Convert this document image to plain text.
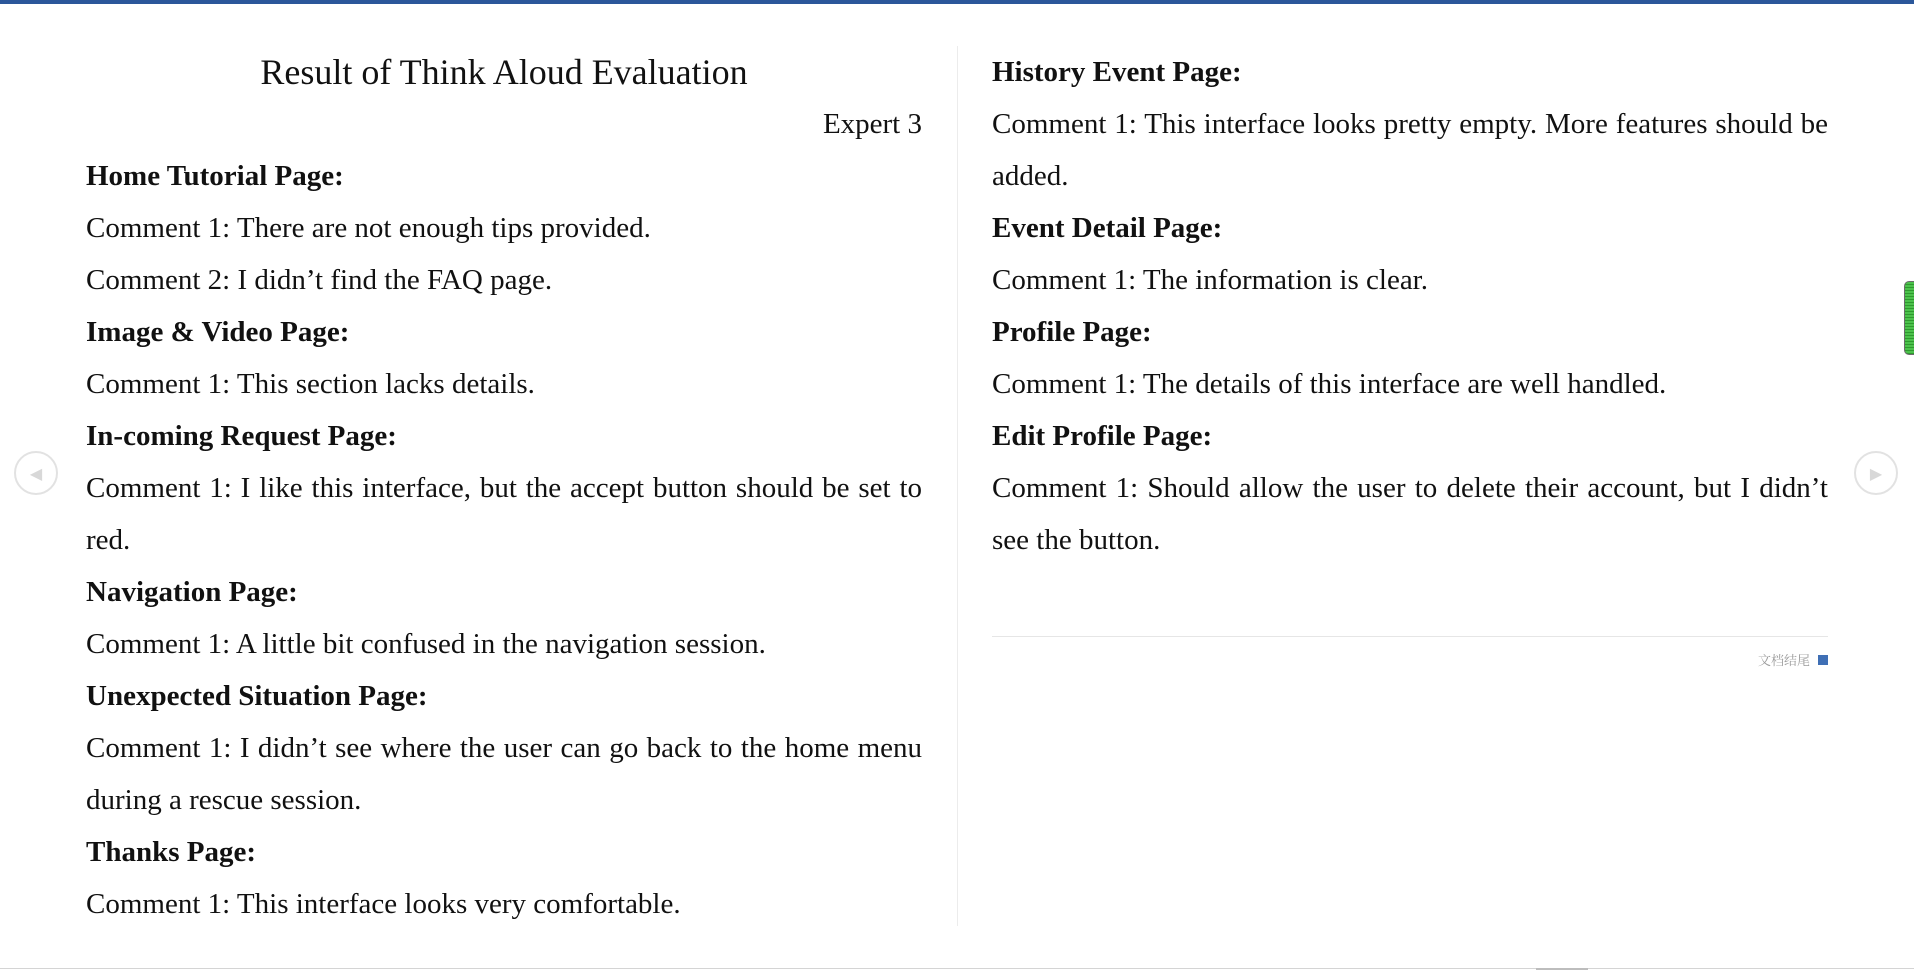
Result of Think Aloud Evaluation
Expert 3

Home Tutorial Page:

Comment 1: There are not enough tips provided.

Comment 2: I didn’t find the FAQ page.

Image & Video Page:

Comment 1: This section lacks details.

In-coming Request Page:

Comment 1: I like this interface, but the accept button should be set to red.

Navigation Page:

Comment 1: A little bit confused in the navigation session.

Unexpected Situation Page:

Comment 1: I didn’t see where the user can go back to the home menu during a rescue session.

Thanks Page:

Comment 1: This interface looks very comfortable.

History Event Page:

Comment 1: This interface looks pretty empty. More features should be added.

Event Detail Page:

Comment 1: The information is clear.

Profile Page:

Comment 1: The details of this interface are well handled.

Edit Profile Page:

Comment 1: Should allow the user to delete their account, but I didn’t see the button.

文档结尾
◀	▶
